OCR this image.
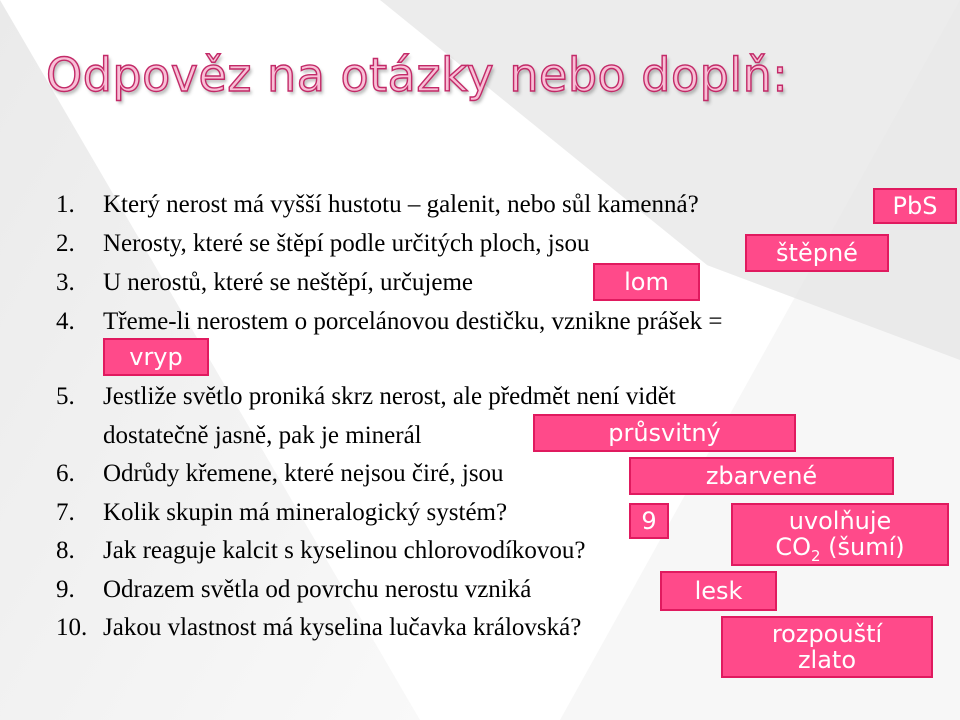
Odpověz na otázky nebo doplň:
1. Který nerost má vyšší hustotu – galenit, nebo sůl kamenná?
2. Nerosty, které se štěpí podle určitých ploch, jsou
3. U nerostů, které se neštěpí, určujeme
4. Třeme-li nerostem o porcelánovou destičku, vznikne prášek =
5. Jestliže světlo proniká skrz nerost, ale předmět není vidět
dostatečně jasně, pak je minerál
6. Odrůdy křemene, které nejsou čiré, jsou
7. Kolik skupin má mineralogický systém?
8. Jak reaguje kalcit s kyselinou chlorovodíkovou?
9. Odrazem světla od povrchu nerostu vzniká
10. Jakou vlastnost má kyselina lučavka královská?
PbS
štěpné
lom
vryp
průsvitný
zbarvené
9	uvolňuje
$CO_2$ (šumí)
lesk
rozpouští
zlato
